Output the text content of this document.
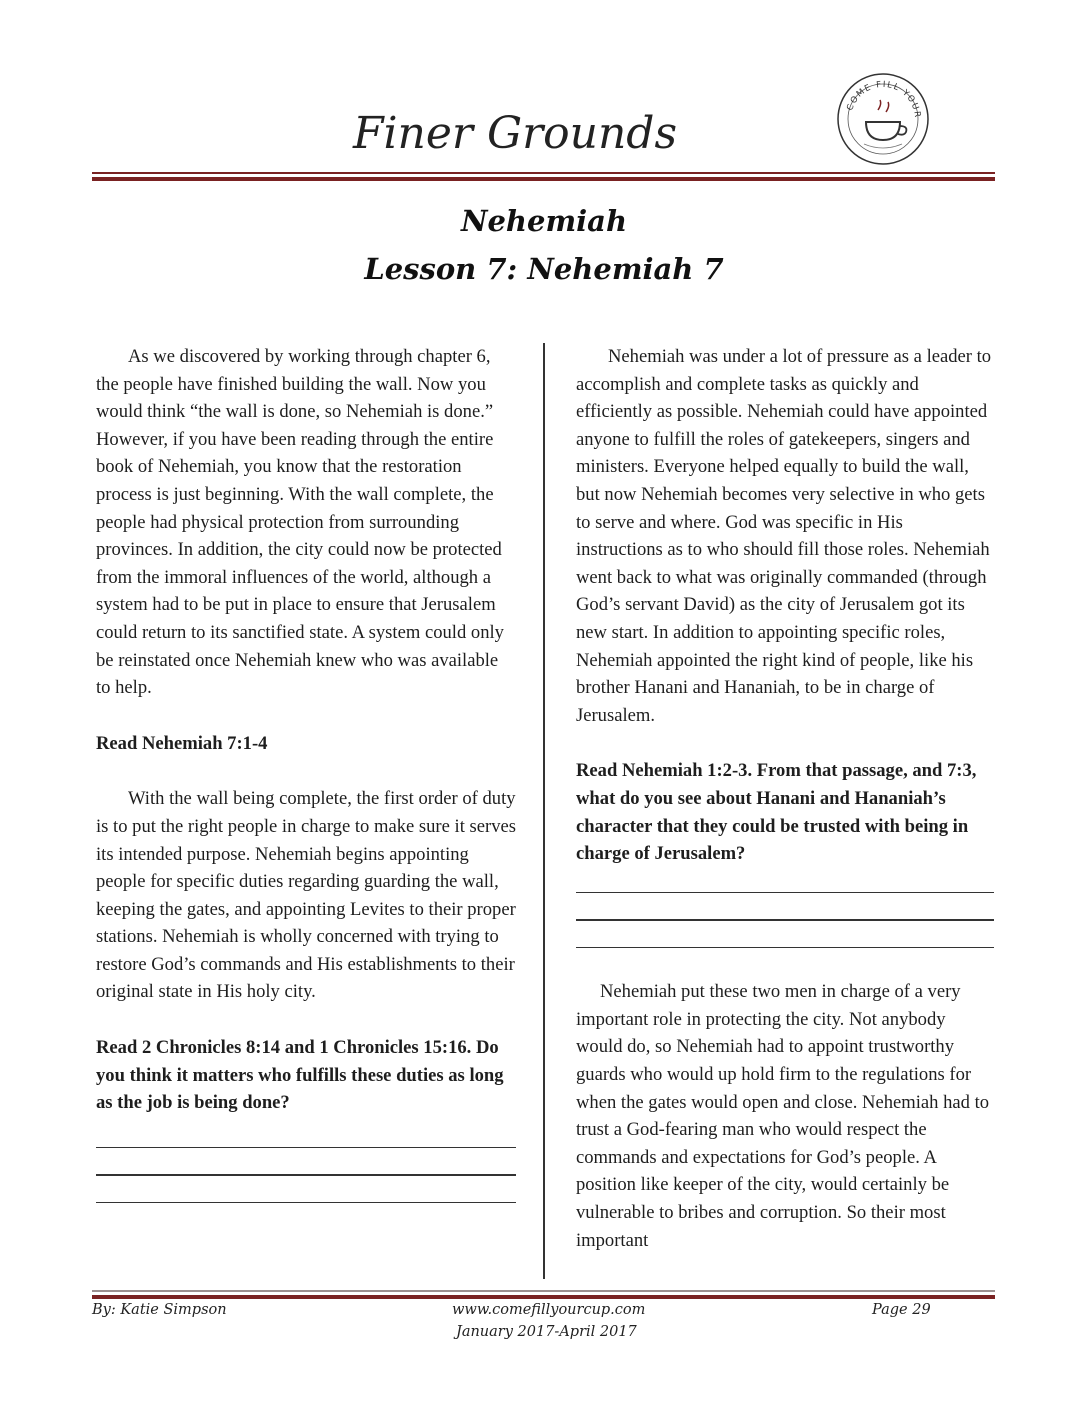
COME FILL YOUR
Finer Grounds
Nehemiah
Lesson 7: Nehemiah 7

As we discovered by working through chapter 6, the people have finished building the wall. Now you would think “the wall is done, so Nehemiah is done.” However, if you have been reading through the entire book of Nehemiah, you know that the restoration process is just beginning. With the wall complete, the people had physical protection from surrounding provinces. In addition, the city could now be protected from the immoral influences of the world, although a system had to be put in place to ensure that Jerusalem could return to its sanctified state. A system could only be reinstated once Nehemiah knew who was available to help.

Read Nehemiah 7:1-4

With the wall being complete, the first order of duty is to put the right people in charge to make sure it serves its intended purpose. Nehemiah begins appointing people for specific duties regarding guarding the wall, keeping the gates, and appointing Levites to their proper stations. Nehemiah is wholly concerned with trying to restore God’s commands and His establishments to their original state in His holy city.

Read 2 Chronicles 8:14 and 1 Chronicles 15:16. Do you think it matters who fulfills these duties as long as the job is being done?

Nehemiah was under a lot of pressure as a leader to accomplish and complete tasks as quickly and efficiently as possible. Nehemiah could have appointed anyone to fulfill the roles of gatekeepers, singers and ministers. Everyone helped equally to build the wall, but now Nehemiah becomes very selective in who gets to serve and where. God was specific in His instructions as to who should fill those roles. Nehemiah went back to what was originally commanded (through God’s servant David) as the city of Jerusalem got its new start. In addition to appointing specific roles, Nehemiah appointed the right kind of people, like his brother Hanani and Hananiah, to be in charge of Jerusalem.

Read Nehemiah 1:2-3. From that passage, and 7:3, what do you see about Hanani and Hananiah’s character that they could be trusted with being in charge of Jerusalem?

Nehemiah put these two men in charge of a very important role in protecting the city. Not anybody would do, so Nehemiah had to appoint trustworthy guards who would up hold firm to the regulations for when the gates would open and close. Nehemiah had to trust a God-fearing man who would respect the commands and expectations for God’s people. A position like keeper of the city, would certainly be vulnerable to bribes and corruption. So their most important

By: Katie Simpson	www.comefillyourcup.com
January 2017-April 2017
Page 29
